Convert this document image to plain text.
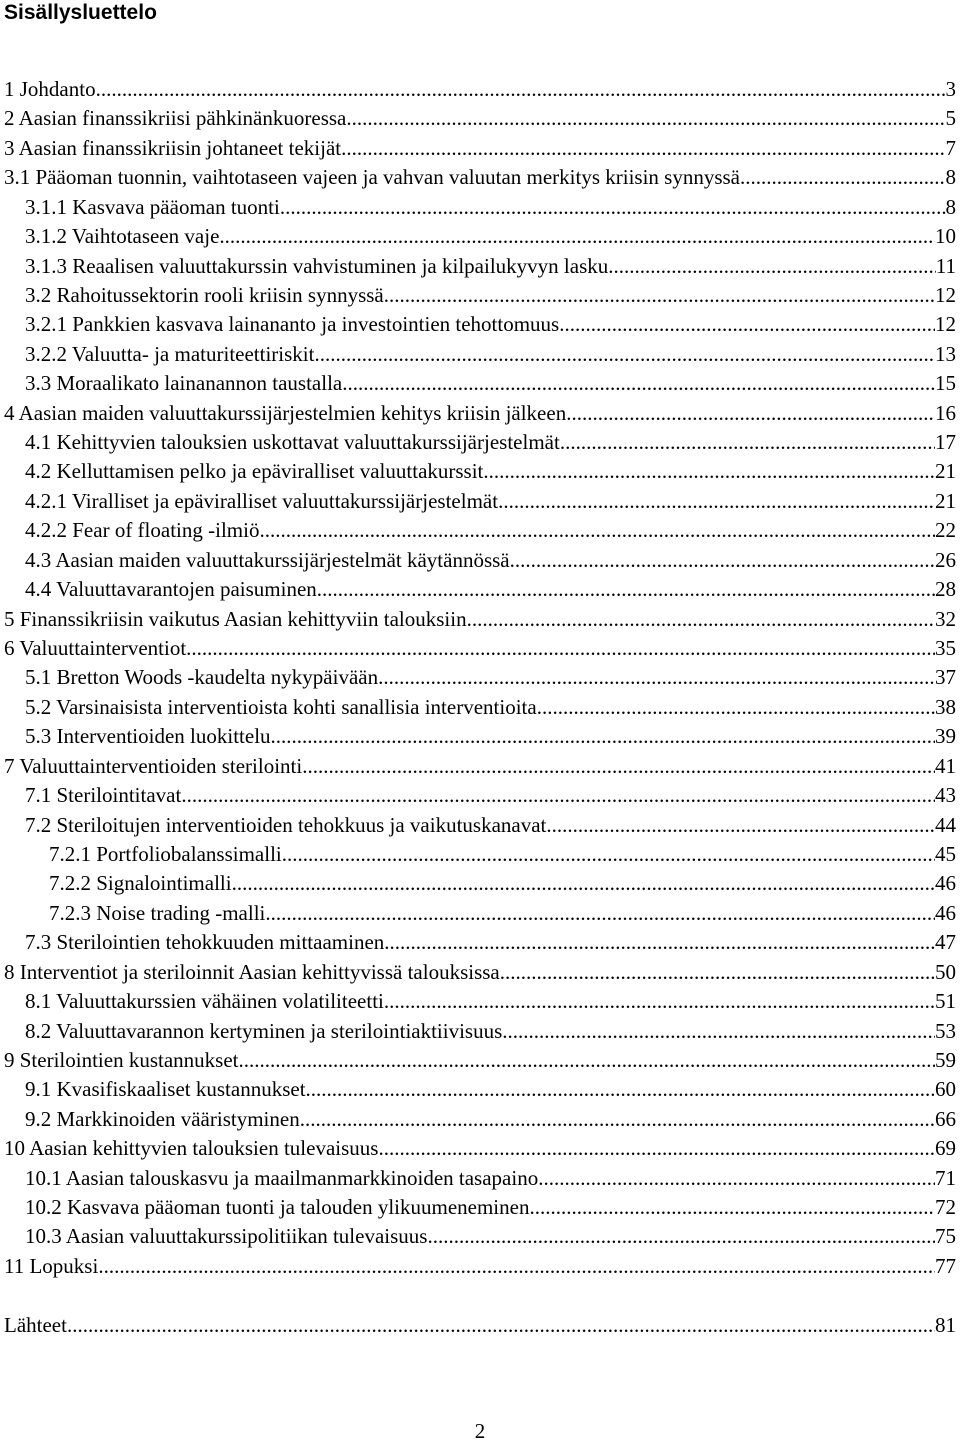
Sisällysluettelo
1 Johdanto .....	3
2 Aasian finanssikriisi pähkinänkuoressa .....	5
3 Aasian finanssikriisin johtaneet tekijät .....	7
3.1 Pääoman tuonnin, vaihtotaseen vajeen ja vahvan valuutan merkitys kriisin synnyssä .....	8
3.1.1 Kasvava pääoman tuonti .....	8
3.1.2 Vaihtotaseen vaje .....	10
3.1.3 Reaalisen valuuttakurssin vahvistuminen ja kilpailukyvyn lasku .....	11
3.2 Rahoitussektorin rooli kriisin synnyssä .....	12
3.2.1 Pankkien kasvava lainananto ja investointien tehottomuus .....	12
3.2.2 Valuutta- ja maturiteettiriskit .....	13
3.3 Moraalikato lainanannon taustalla .....	15
4 Aasian maiden valuuttakurssijärjestelmien kehitys kriisin jälkeen .....	16
4.1 Kehittyvien talouksien uskottavat valuuttakurssijärjestelmät .....	17
4.2 Kelluttamisen pelko ja epäviralliset valuuttakurssit .....	21
4.2.1 Viralliset ja epäviralliset valuuttakurssijärjestelmät .....	21
4.2.2 Fear of floating -ilmiö .....	22
4.3 Aasian maiden valuuttakurssijärjestelmät käytännössä .....	26
4.4 Valuuttavarantojen paisuminen .....	28
5 Finanssikriisin vaikutus Aasian kehittyviin talouksiin .....	32
6 Valuuttainterventiot .....	35
5.1 Bretton Woods -kaudelta nykypäivään .....	37
5.2 Varsinaisista interventioista kohti sanallisia interventioita .....	38
5.3 Interventioiden luokittelu .....	39
7 Valuuttainterventioiden sterilointi .....	41
7.1 Sterilointitavat .....	43
7.2 Steriloitujen interventioiden tehokkuus ja vaikutuskanavat .....	44
7.2.1 Portfoliobalanssimalli .....	45
7.2.2 Signalointimalli .....	46
7.2.3 Noise trading -malli .....	46
7.3 Sterilointien tehokkuuden mittaaminen .....	47
8 Interventiot ja steriloinnit Aasian kehittyvissä talouksissa .....	50
8.1 Valuuttakurssien vähäinen volatiliteetti .....	51
8.2 Valuuttavarannon kertyminen ja sterilointiaktiivisuus .....	53
9 Sterilointien kustannukset .....	59
9.1 Kvasifiskaaliset kustannukset .....	60
9.2 Markkinoiden vääristyminen .....	66
10 Aasian kehittyvien talouksien tulevaisuus .....	69
10.1 Aasian talouskasvu ja maailmanmarkkinoiden tasapaino .....	71
10.2 Kasvava pääoman tuonti ja talouden ylikuumeneminen .....	72
10.3 Aasian valuuttakurssipolitiikan tulevaisuus .....	75
11 Lopuksi .....	77
Lähteet .....	81
2
